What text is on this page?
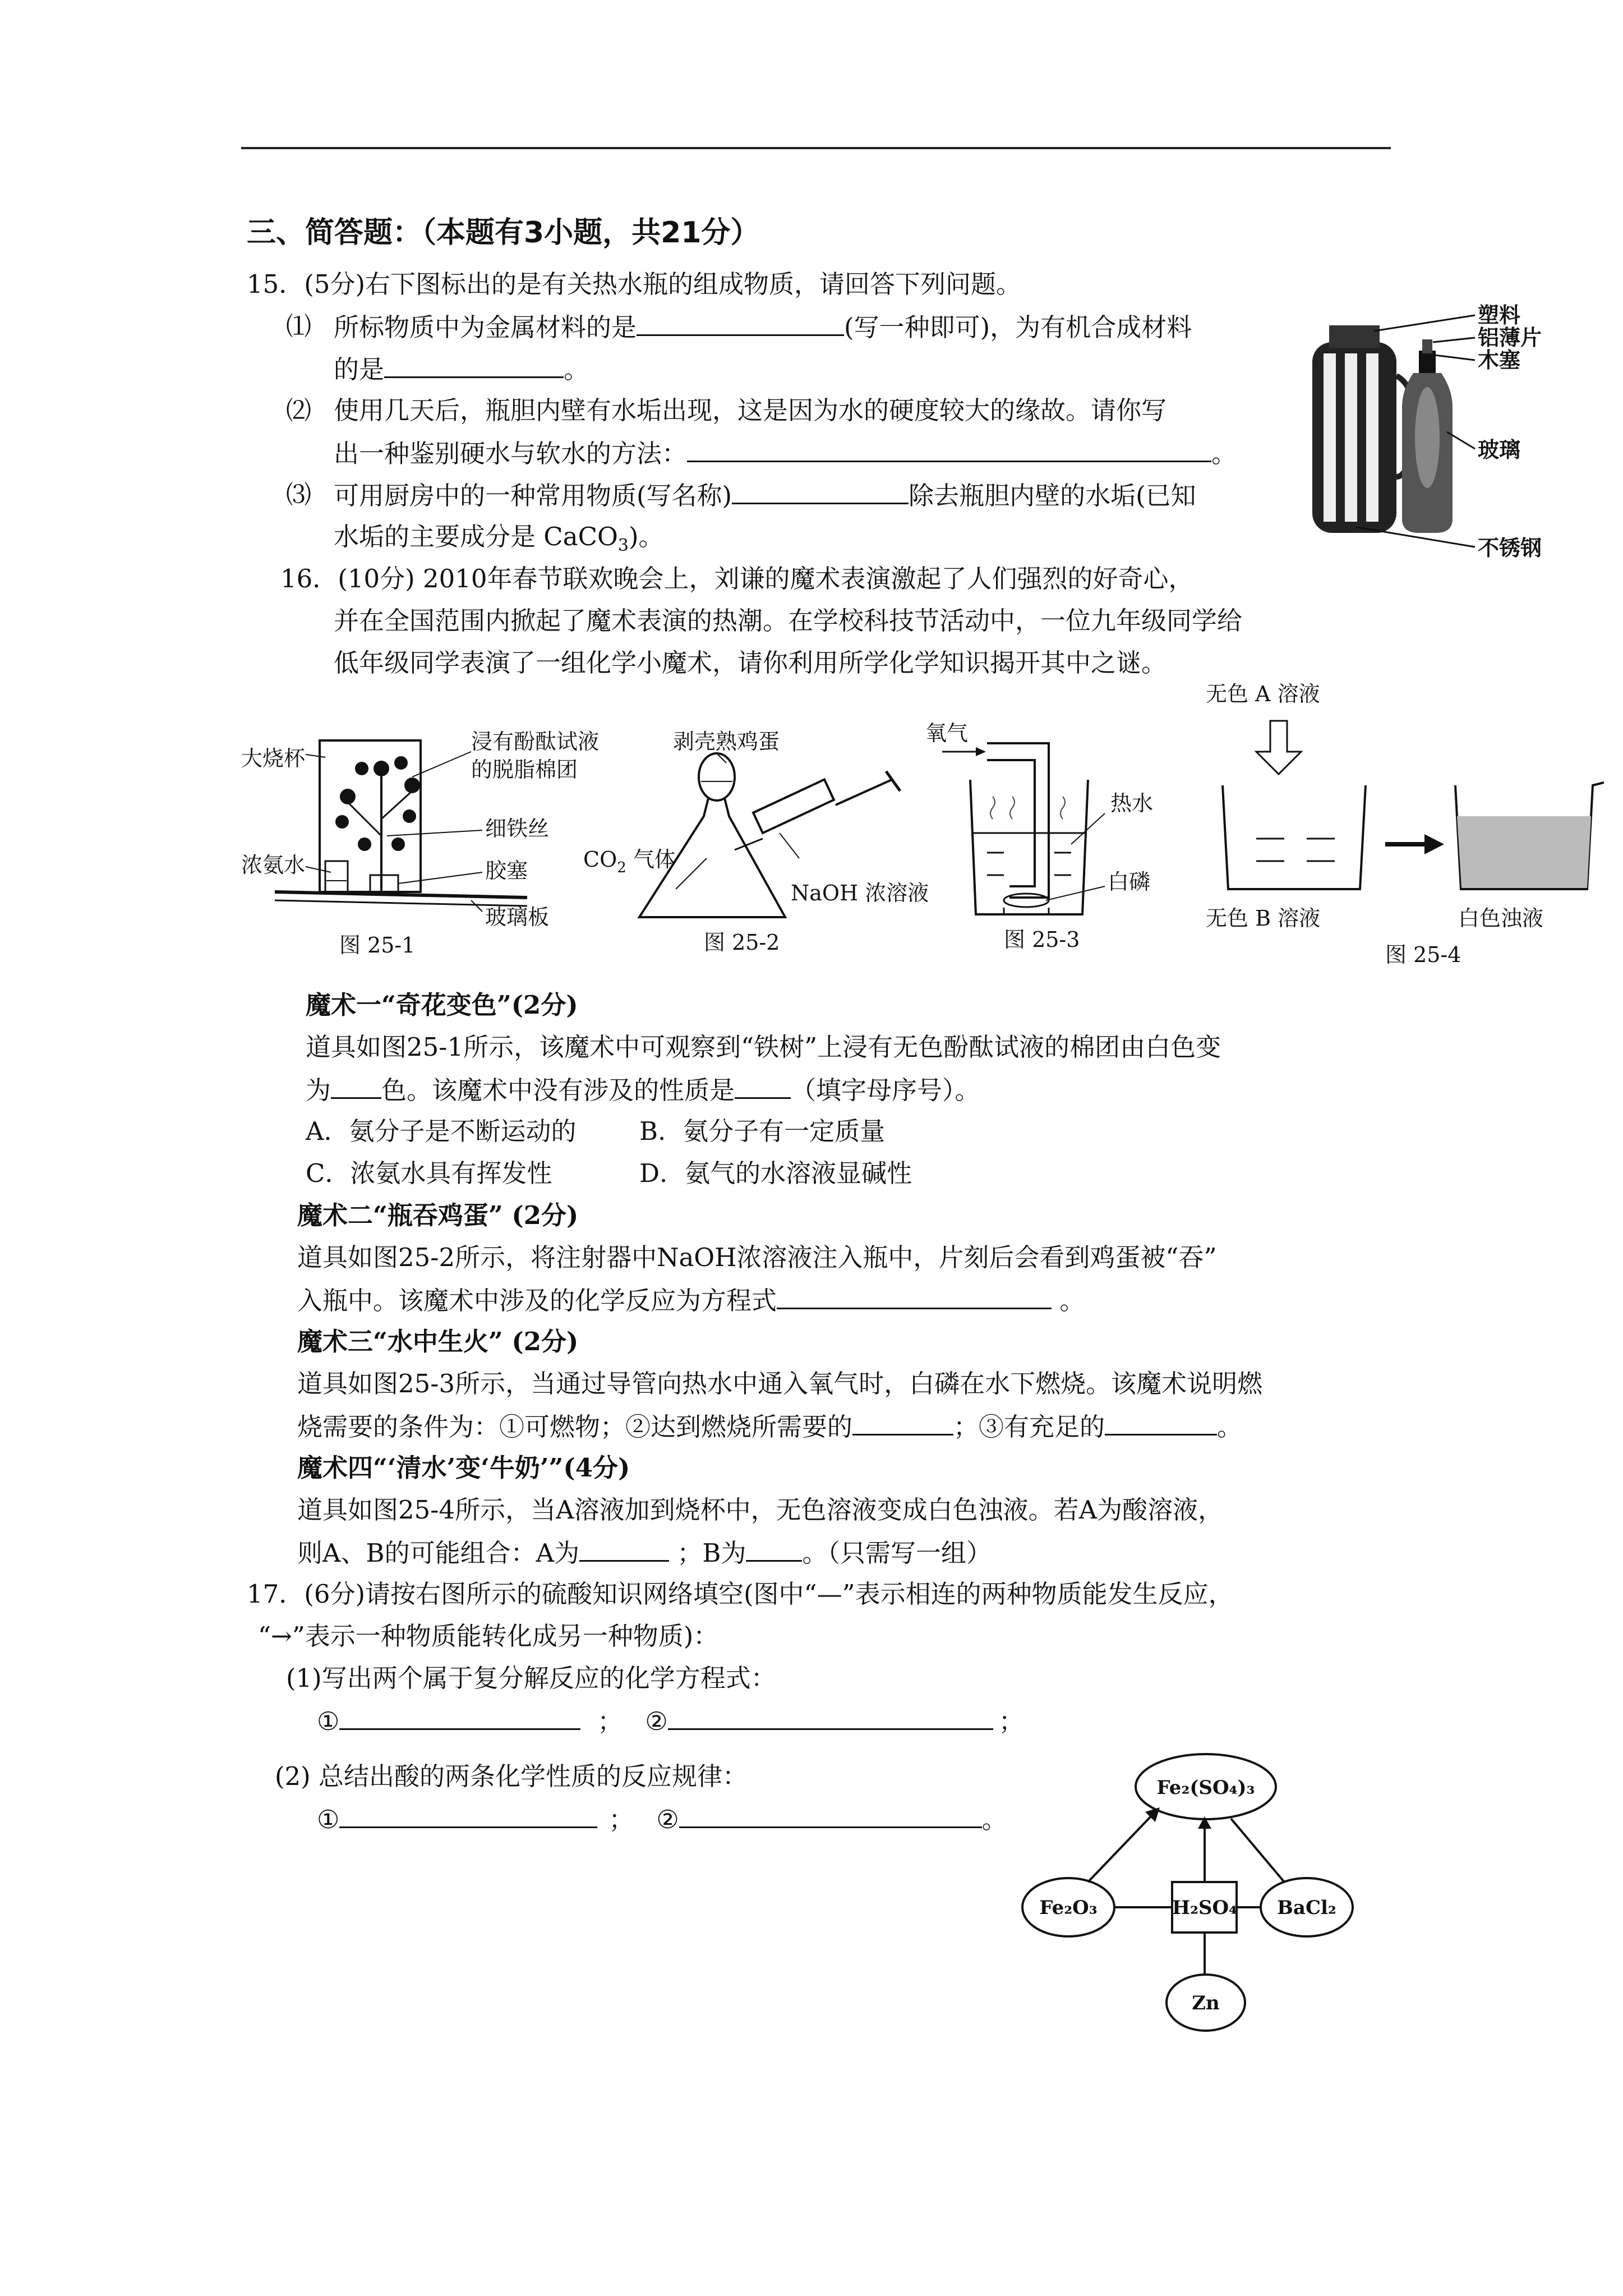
三、简答题：（本题有3小题，共21分）
15．(5分)右下图标出的是有关热水瓶的组成物质，请回答下列问题。
⑴ 所标物质中为金属材料的是	(写一种即可)，为有机合成材料
的是	。
⑵ 使用几天后，瓶胆内壁有水垢出现，这是因为水的硬度较大的缘故。请你写
出一种鉴别硬水与软水的方法：	。
⑶ 可用厨房中的一种常用物质(写名称)	除去瓶胆内壁的水垢(已知
水垢的主要成分是 CaCO$_3$)。
塑料
铝薄片
木塞
玻璃
不锈钢
16．(10分) 2010年春节联欢晚会上，刘谦的魔术表演激起了人们强烈的好奇心，
并在全国范围内掀起了魔术表演的热潮。在学校科技节活动中，一位九年级同学给
低年级同学表演了一组化学小魔术，请你利用所学化学知识揭开其中之谜。
大烧杯
浸有酚酞试液
的脱脂棉团
细铁丝
浓氨水	胶塞
玻璃板
图 25-1
剥壳熟鸡蛋
$CO_2$ 气体
NaOH 浓溶液
图 25-2
氧气
热水
白磷
图 25-3
无色 A 溶液
无色 B 溶液	白色浊液
图 25-4
魔术一“奇花变色”(2分)
道具如图25-1所示，该魔术中可观察到“铁树”上浸有无色酚酞试液的棉团由白色变
为 色。该魔术中没有涉及的性质是 （填字母序号）。
A．氨分子是不断运动的	B．氨分子有一定质量
C．浓氨水具有挥发性	D．氨气的水溶液显碱性
魔术二“瓶吞鸡蛋” (2分)
道具如图25-2所示，将注射器中NaOH浓溶液注入瓶中，片刻后会看到鸡蛋被“吞”
入瓶中。该魔术中涉及的化学反应为方程式	。
魔术三“水中生火” (2分)
道具如图25-3所示，当通过导管向热水中通入氧气时，白磷在水下燃烧。该魔术说明燃
烧需要的条件为：①可燃物；②达到燃烧所需要的	；③有充足的	。
魔术四“‘清水’变‘牛奶’”(4分)
道具如图25-4所示，当A溶液加到烧杯中，无色溶液变成白色浊液。若A为酸溶液，
则A、B的可能组合：A为	；B为 。（只需写一组）
17．(6分)请按右图所示的硫酸知识网络填空(图中“—”表示相连的两种物质能发生反应，
“→”表示一种物质能转化成另一种物质)：
(1)写出两个属于复分解反应的化学方程式：
①	； ②	；
(2) 总结出酸的两条化学性质的反应规律：
①	； ②	。
Fe₂(SO₄)₃
Fe₂O₃	H₂SO₄ BaCl₂
Zn
